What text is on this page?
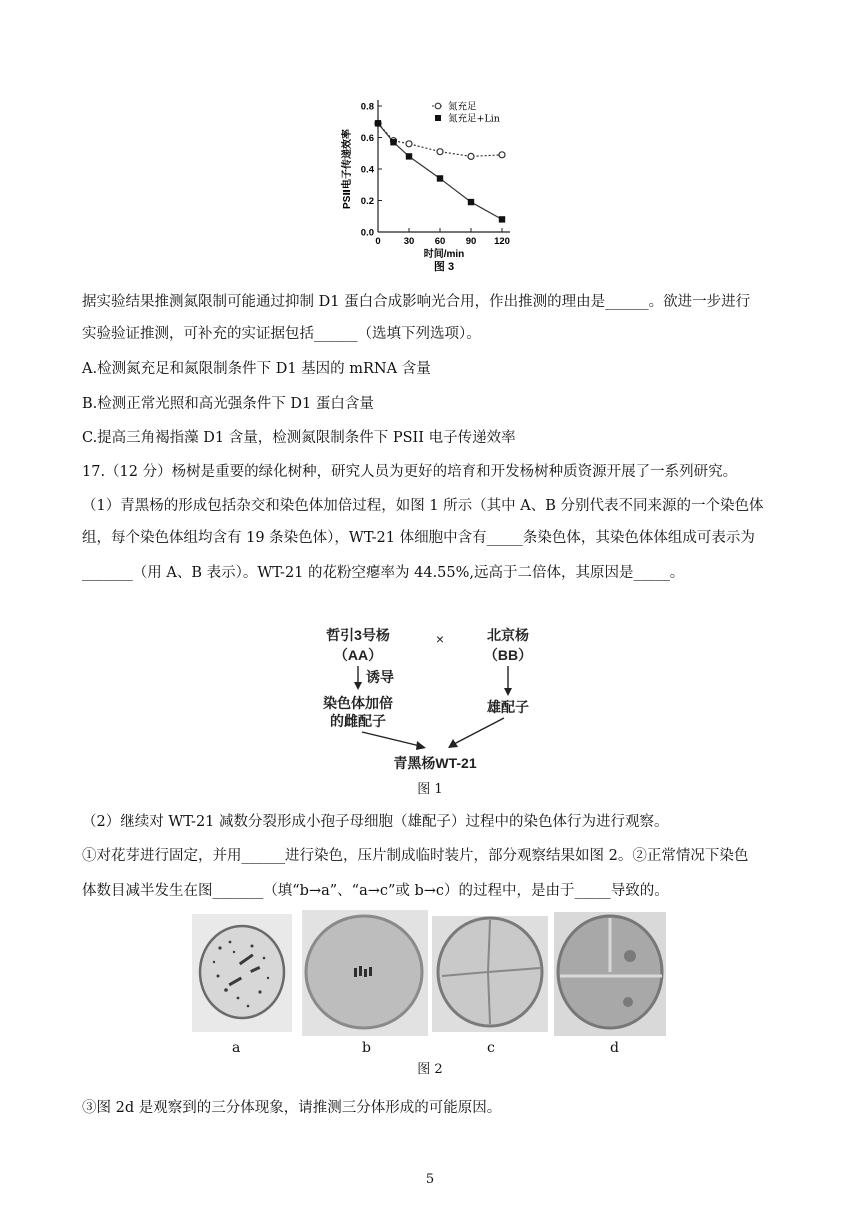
0.0
0.2
0.4
0.6
0.8
0 30 60 90 120
时间/min
PSⅡ电子传递效率
氮充足
氮充足+Lin
图 3
据实验结果推测氮限制可能通过抑制 D1 蛋白合成影响光合用，作出推测的理由是______。欲进一步进行
实验验证推测，可补充的实证据包括______（选填下列选项）。
A.检测氮充足和氮限制条件下 D1 基因的 mRNA 含量
B.检测正常光照和高光强条件下 D1 蛋白含量
C.提高三角褐指藻 D1 含量，检测氮限制条件下 PSII 电子传递效率
17.（12 分）杨树是重要的绿化树种，研究人员为更好的培育和开发杨树种质资源开展了一系列研究。
（1）青黑杨的形成包括杂交和染色体加倍过程，如图 1 所示（其中 A、B 分别代表不同来源的一个染色体
组，每个染色体组均含有 19 条染色体），WT-21 体细胞中含有_____条染色体，其染色体体组成可表示为
_______（用 A、B 表示）。WT-21 的花粉空瘪率为 44.55%,远高于二倍体，其原因是_____。
哲引3号杨
（AA）
×	北京杨
（BB）
诱导
染色体加倍
的雌配子
雄配子
青黑杨WT-21
图 1
（2）继续对 WT-21 减数分裂形成小孢子母细胞（雄配子）过程中的染色体行为进行观察。
①对花芽进行固定，并用______进行染色，压片制成临时装片，部分观察结果如图 2。②正常情况下染色
体数目减半发生在图_______（填“b→a”、“a→c”或 b→c）的过程中，是由于_____导致的。
a	b	c	d
图 2
③图 2d 是观察到的三分体现象，请推测三分体形成的可能原因。
5
